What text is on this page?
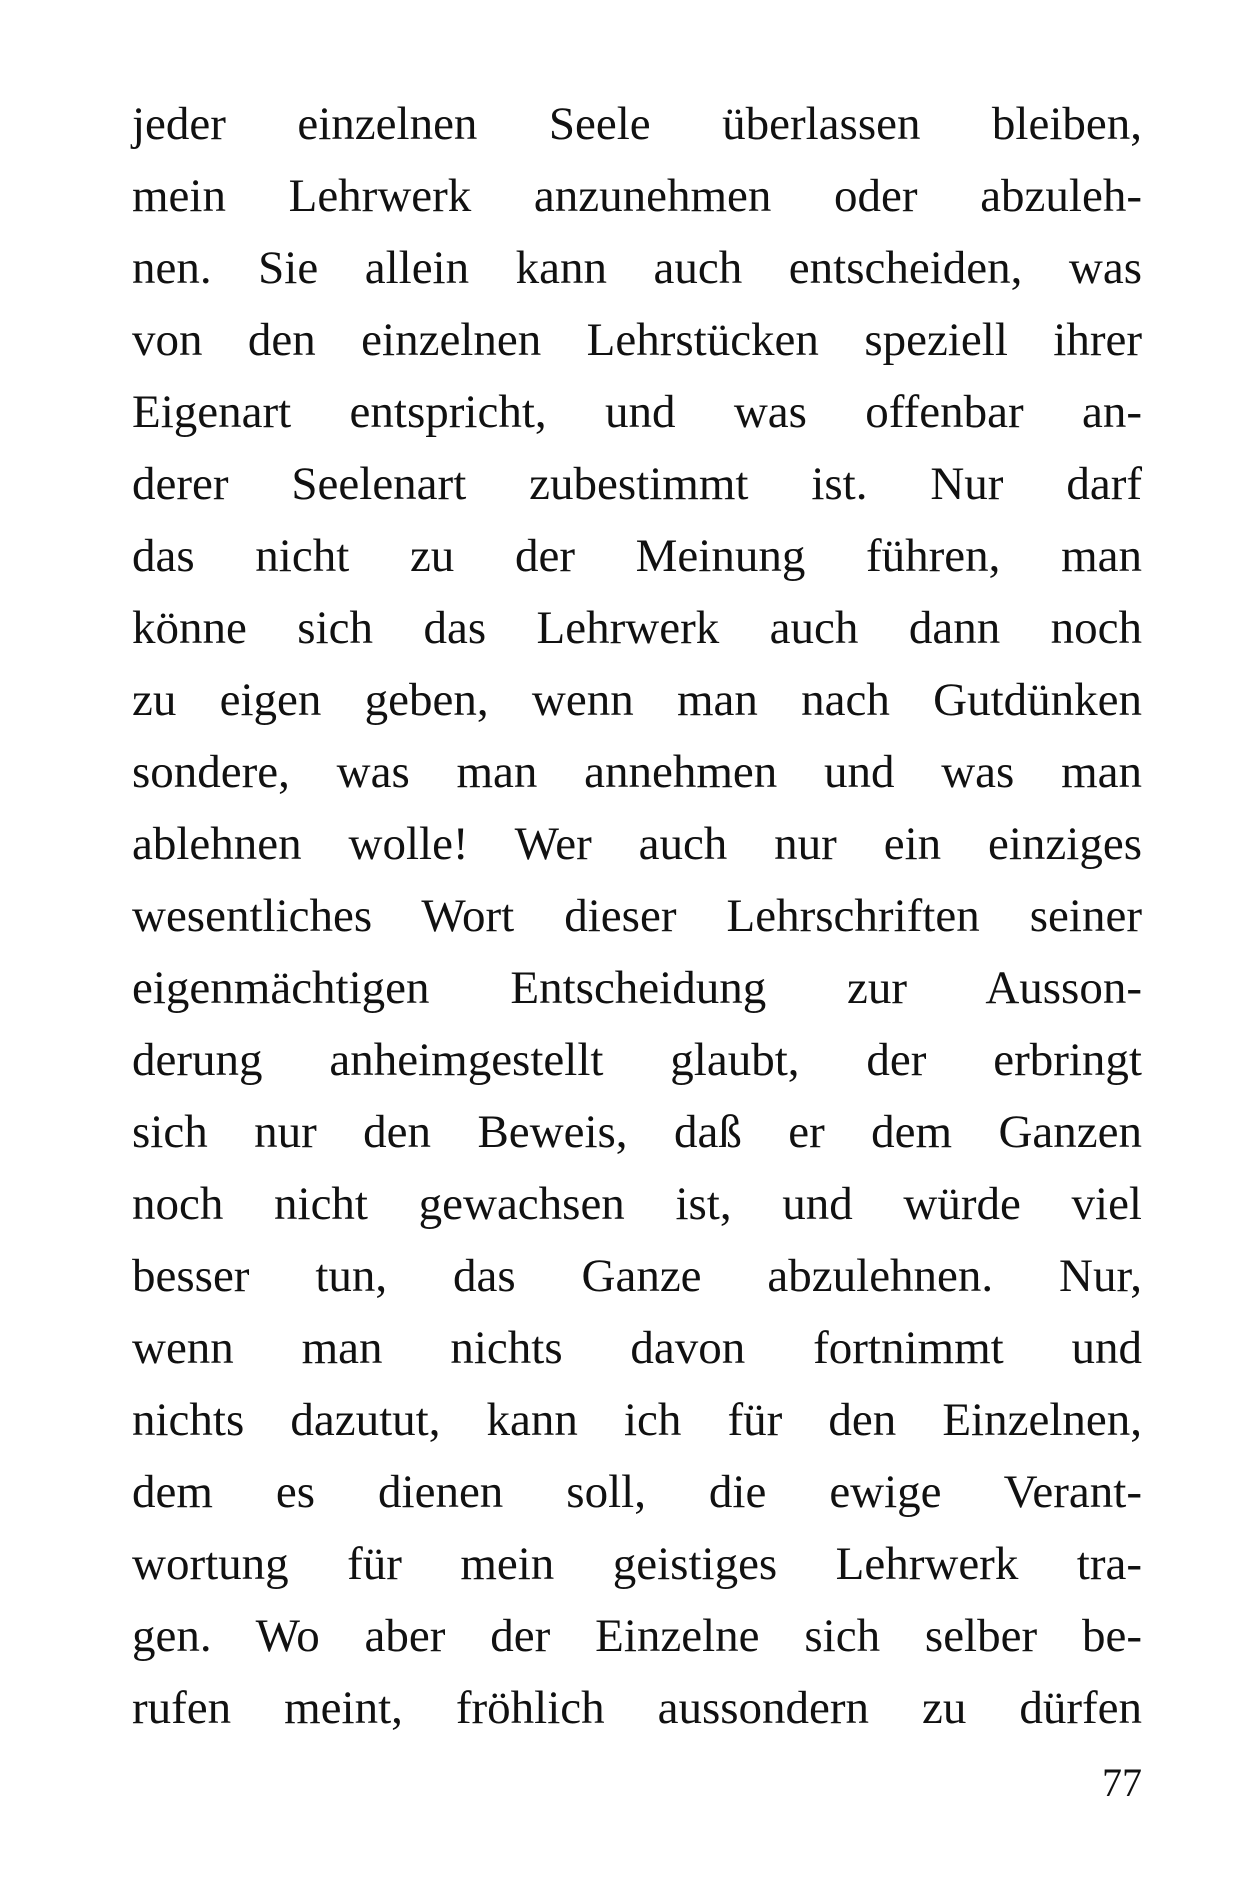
jeder einzelnen Seele überlassen bleiben,
mein Lehrwerk anzunehmen oder abzuleh-
nen. Sie allein kann auch entscheiden, was
von den einzelnen Lehrstücken speziell ihrer
Eigenart entspricht, und was offenbar an-
derer Seelenart zubestimmt ist. Nur darf
das nicht zu der Meinung führen, man
könne sich das Lehrwerk auch dann noch
zu eigen geben, wenn man nach Gutdünken
sondere, was man annehmen und was man
ablehnen wolle! Wer auch nur ein einziges
wesentliches Wort dieser Lehrschriften seiner
eigenmächtigen Entscheidung zur Ausson-
derung anheimgestellt glaubt, der erbringt
sich nur den Beweis, daß er dem Ganzen
noch nicht gewachsen ist, und würde viel
besser tun, das Ganze abzulehnen. Nur,
wenn man nichts davon fortnimmt und
nichts dazutut, kann ich für den Einzelnen,
dem es dienen soll, die ewige Verant-
wortung für mein geistiges Lehrwerk tra-
gen. Wo aber der Einzelne sich selber be-
rufen meint, fröhlich aussondern zu dürfen
77
